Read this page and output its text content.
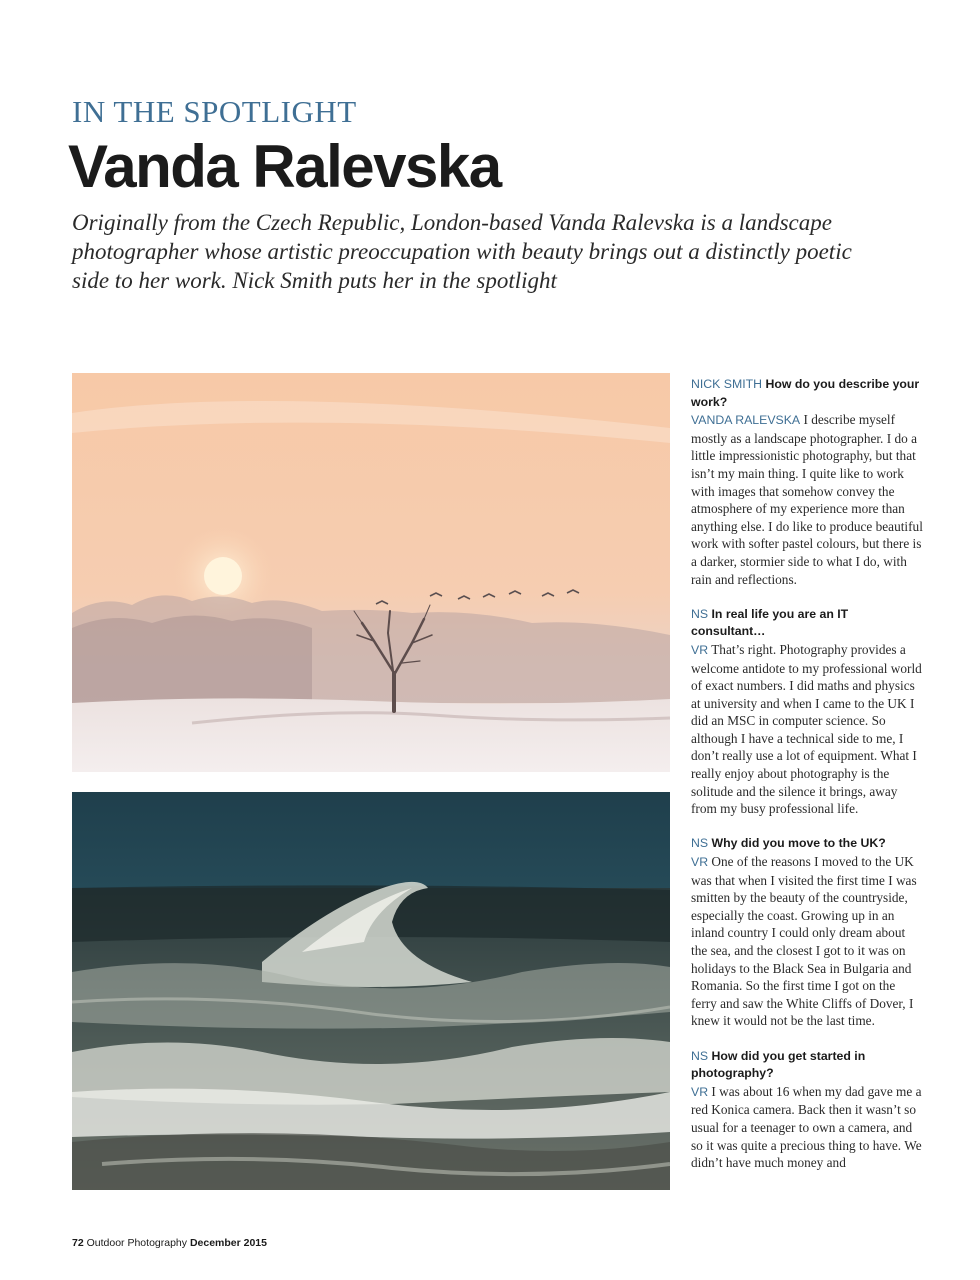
IN THE SPOTLIGHT
Vanda Ralevska

Originally from the Czech Republic, London-based Vanda Ralevska is a landscape photographer whose artistic preoccupation with beauty brings out a distinctly poetic side to her work. Nick Smith puts her in the spotlight

NICK SMITH How do you describe your work?

VANDA RALEVSKA I describe myself mostly as a landscape photographer. I do a little impressionistic photography, but that isn’t my main thing. I quite like to work with images that somehow convey the atmosphere of my experience more than anything else. I do like to produce beautiful work with softer pastel colours, but there is a darker, stormier side to what I do, with rain and reflections.

NS In real life you are an IT consultant…

VR That’s right. Photography provides a welcome antidote to my professional world of exact numbers. I did maths and physics at university and when I came to the UK I did an MSC in computer science. So although I have a technical side to me, I don’t really use a lot of equipment. What I really enjoy about photography is the solitude and the silence it brings, away from my busy professional life.

NS Why did you move to the UK?

VR One of the reasons I moved to the UK was that when I visited the first time I was smitten by the beauty of the countryside, especially the coast. Growing up in an inland country I could only dream about the sea, and the closest I got to it was on holidays to the Black Sea in Bulgaria and Romania. So the first time I got on the ferry and saw the White Cliffs of Dover, I knew it would not be the last time.

NS How did you get started in photography?

VR I was about 16 when my dad gave me a red Konica camera. Back then it wasn’t so usual for a teenager to own a camera, and so it was quite a precious thing to have. We didn’t have much money and

72 Outdoor Photography December 2015
